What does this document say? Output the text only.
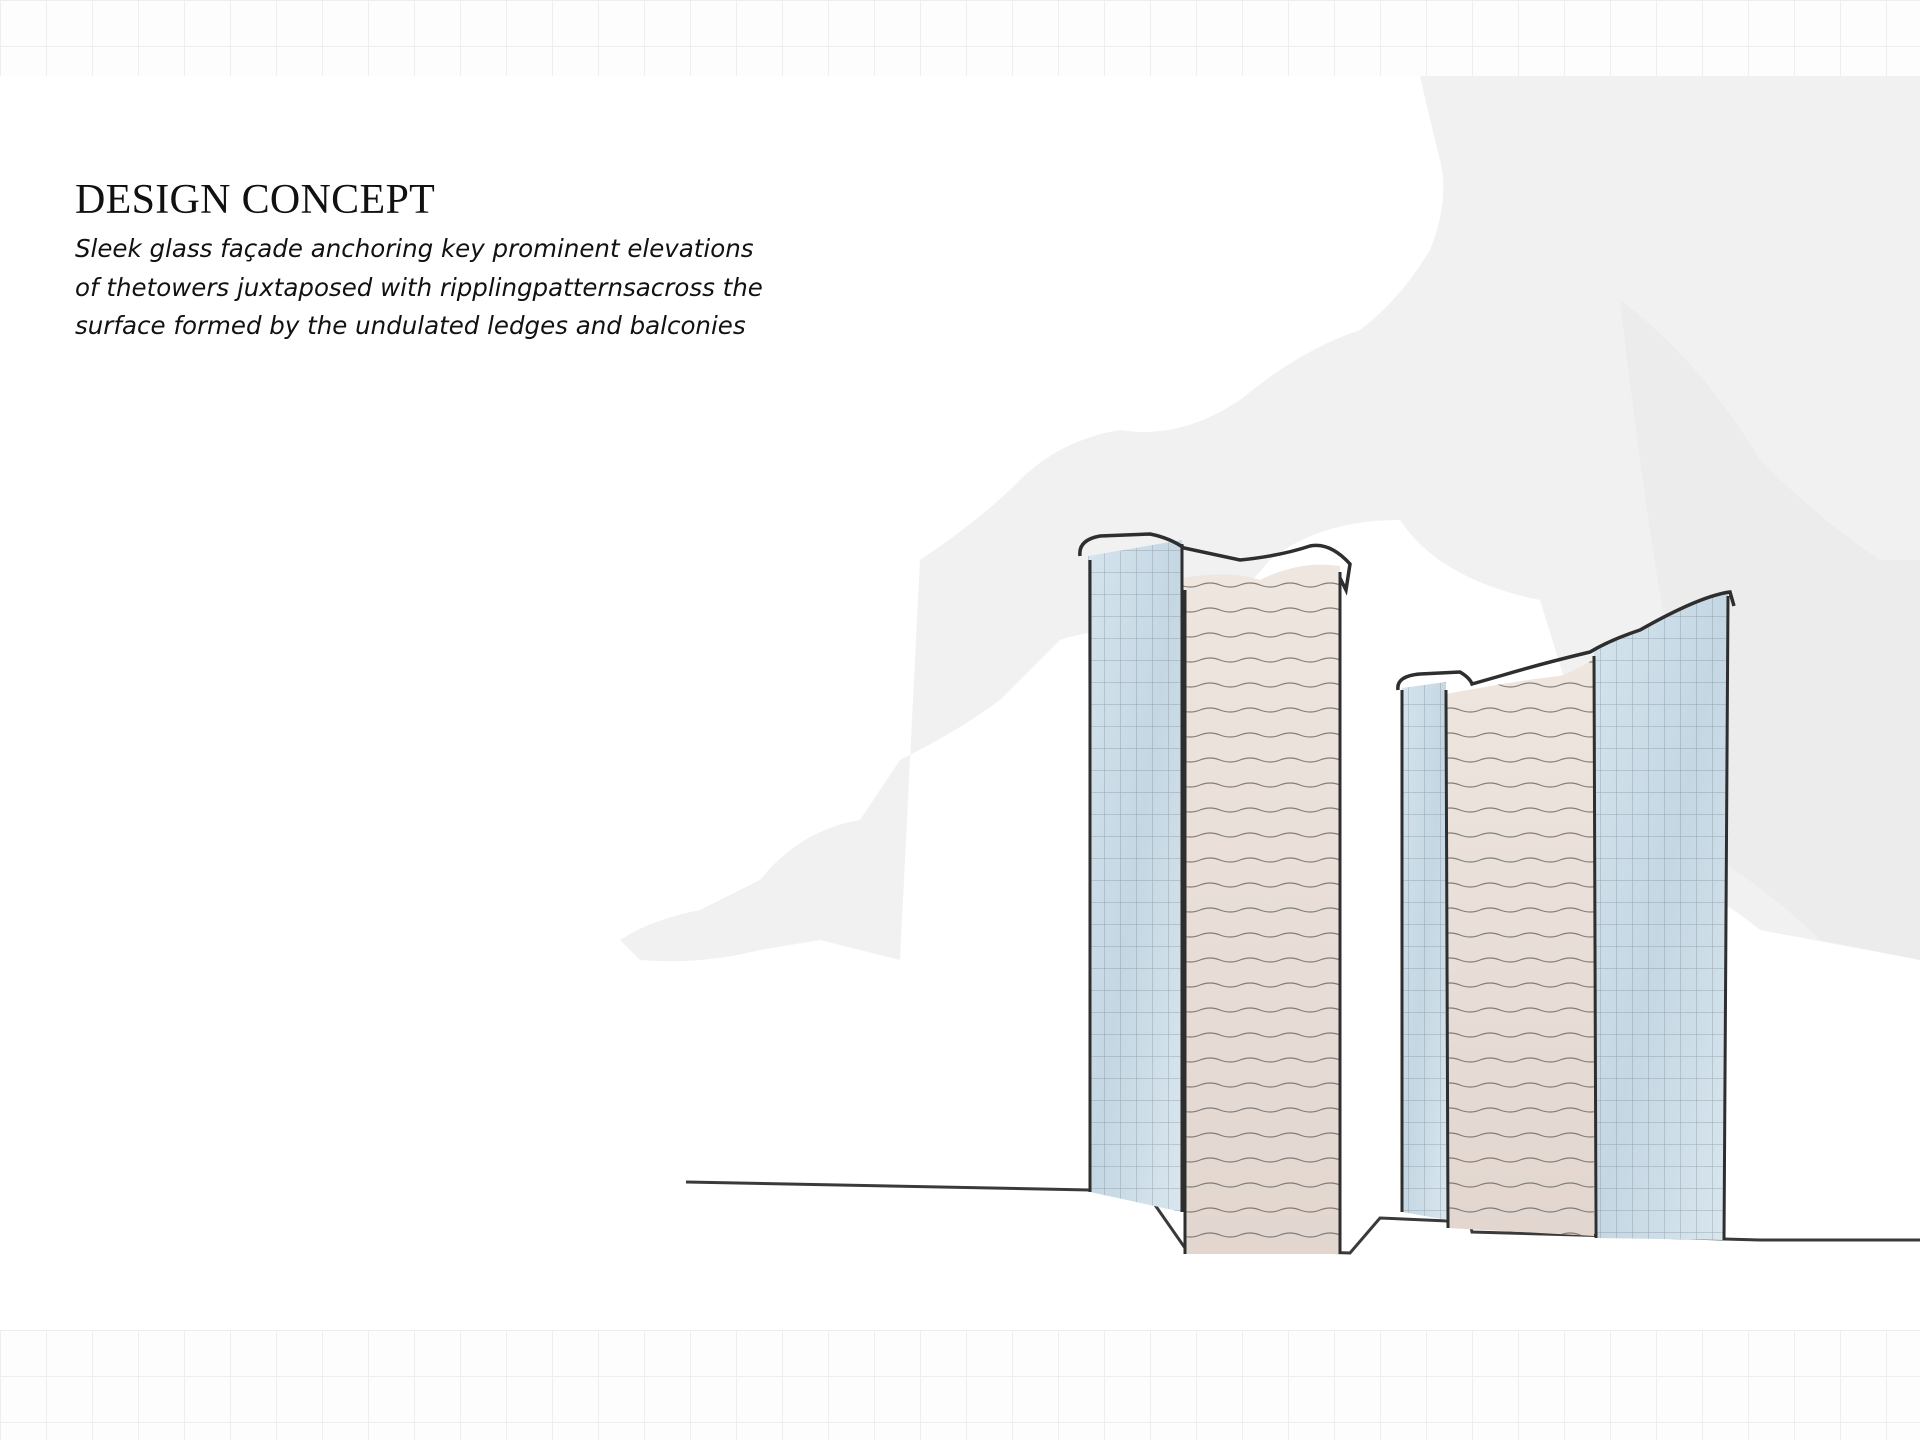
DESIGN CONCEPT
Sleek glass façade anchoring key prominent elevations
of thetowers juxtaposed with ripplingpatternsacross the
surface formed by the undulated ledges and balconies
